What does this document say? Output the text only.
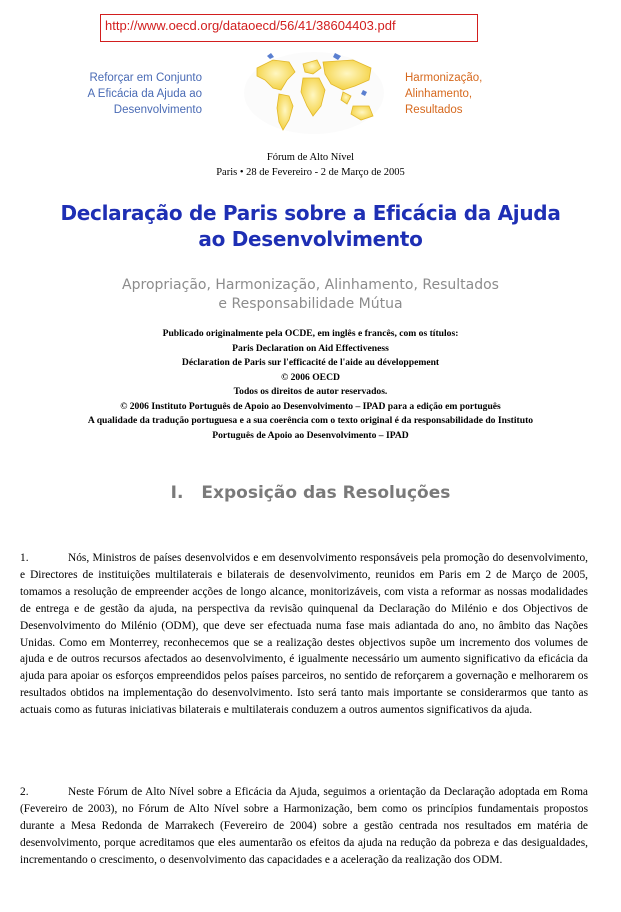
http://www.oecd.org/dataoecd/56/41/38604403.pdf
Reforçar em Conjunto
A Eficácia da Ajuda ao
Desenvolvimento
Harmonização,
Alinhamento,
Resultados
Fórum de Alto Nível
Paris • 28 de Fevereiro - 2 de Março de 2005
Declaração de Paris sobre a Eficácia da Ajuda
ao Desenvolvimento
Apropriação, Harmonização, Alinhamento, Resultados
e Responsabilidade Mútua
Publicado originalmente pela OCDE, em inglês e francês, com os títulos:
Paris Declaration on Aid Effectiveness
Déclaration de Paris sur l'efficacité de l'aide au développement
© 2006 OECD
Todos os direitos de autor reservados.
© 2006 Instituto Português de Apoio ao Desenvolvimento – IPAD para a edição em português
A qualidade da tradução portuguesa e a sua coerência com o texto original é da responsabilidade do Instituto
Português de Apoio ao Desenvolvimento – IPAD
I. Exposição das Resoluções
1.	Nós, Ministros de países desenvolvidos e em desenvolvimento responsáveis pela promoção do desenvolvimento, e Directores de instituições multilaterais e bilaterais de desenvolvimento, reunidos em Paris em 2 de Março de 2005, tomamos a resolução de empreender acções de longo alcance, monitorizáveis, com vista a reformar as nossas modalidades de entrega e de gestão da ajuda, na perspectiva da revisão quinquenal da Declaração do Milénio e dos Objectivos de Desenvolvimento do Milénio (ODM), que deve ser efectuada numa fase mais adiantada do ano, no âmbito das Nações Unidas. Como em Monterrey, reconhecemos que se a realização destes objectivos supõe um incremento dos volumes de ajuda e de outros recursos afectados ao desenvolvimento, é igualmente necessário um aumento significativo da eficácia da ajuda para apoiar os esforços empreendidos pelos países parceiros, no sentido de reforçarem a governação e melhorarem os resultados obtidos na implementação do desenvolvimento. Isto será tanto mais importante se considerarmos que tanto as actuais como as futuras iniciativas bilaterais e multilaterais conduzem a outros aumentos significativos da ajuda.
2.	Neste Fórum de Alto Nível sobre a Eficácia da Ajuda, seguimos a orientação da Declaração adoptada em Roma (Fevereiro de 2003), no Fórum de Alto Nível sobre a Harmonização, bem como os princípios fundamentais propostos durante a Mesa Redonda de Marrakech (Fevereiro de 2004) sobre a gestão centrada nos resultados em matéria de desenvolvimento, porque acreditamos que eles aumentarão os efeitos da ajuda na redução da pobreza e das desigualdades, incrementando o crescimento, o desenvolvimento das capacidades e a aceleração da realização dos ODM.
